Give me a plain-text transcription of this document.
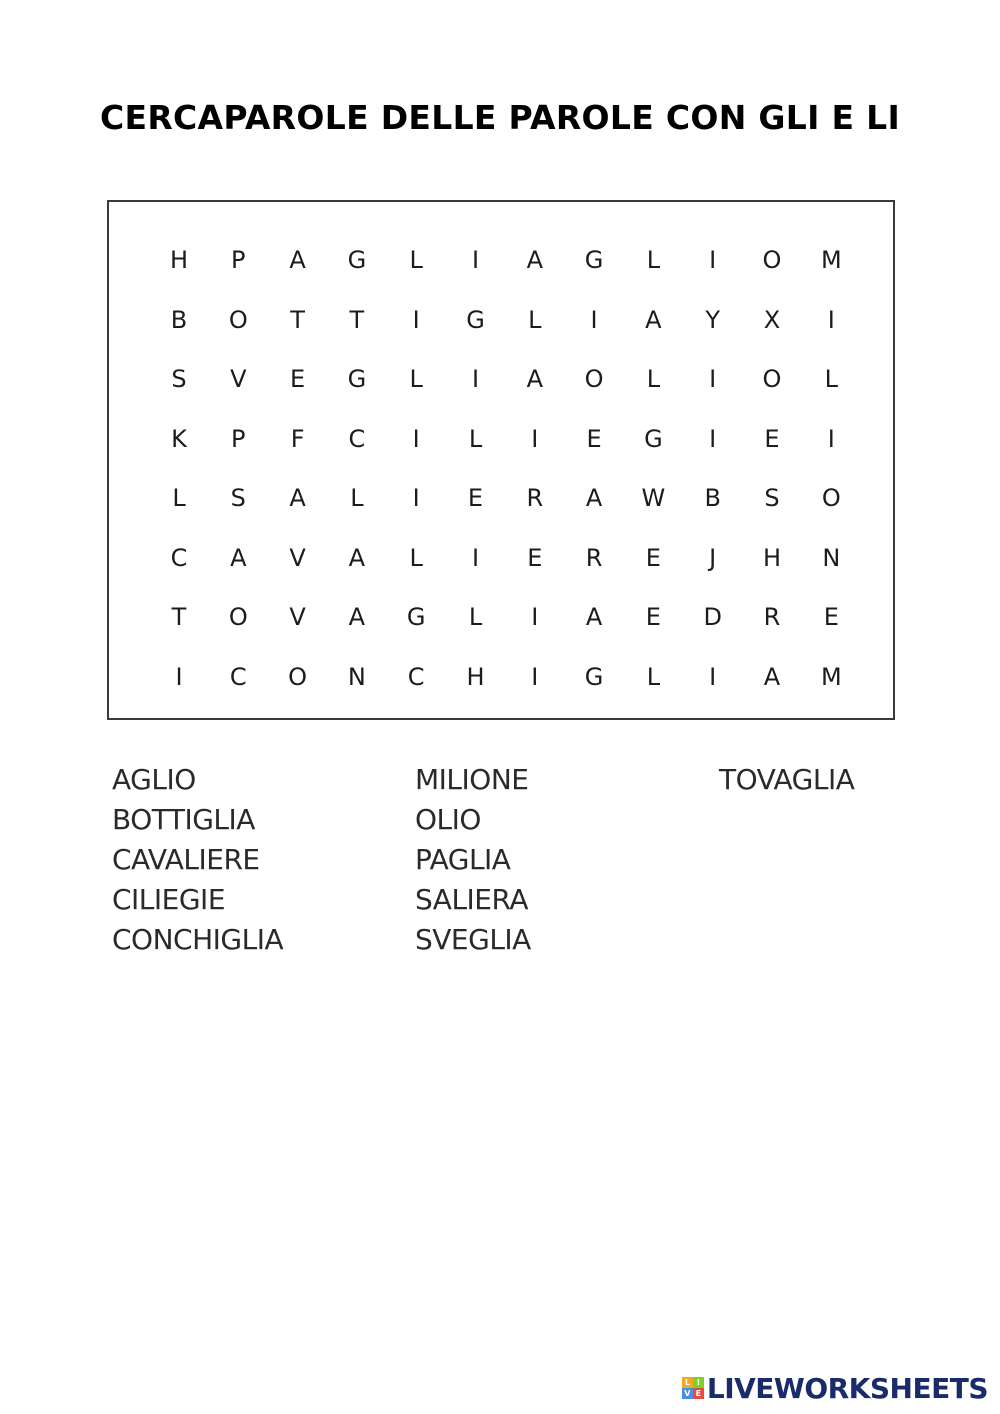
CERCAPAROLE DELLE PAROLE CON GLI E LI
H	P	A	G	L	I	A	G	L	I	O	M
B	O	T	T	I	G	L	I	A	Y	X	I
S	V	E	G	L	I	A	O	L	I	O	L
K	P	F	C	I	L	I	E	G	I	E	I
L	S	A	L	I	E	R	A	W	B	S	O
C	A	V	A	L	I	E	R	E	J	H	N
T	O	V	A	G	L	I	A	E	D	R	E
I	C	O	N	C	H	I	G	L	I	A	M
AGLIO
BOTTIGLIA
CAVALIERE
CILIEGIE
CONCHIGLIA
MILIONE
OLIO
PAGLIA
SALIERA
SVEGLIA
TOVAGLIA
L I
V E LIVEWORKSHEETS
